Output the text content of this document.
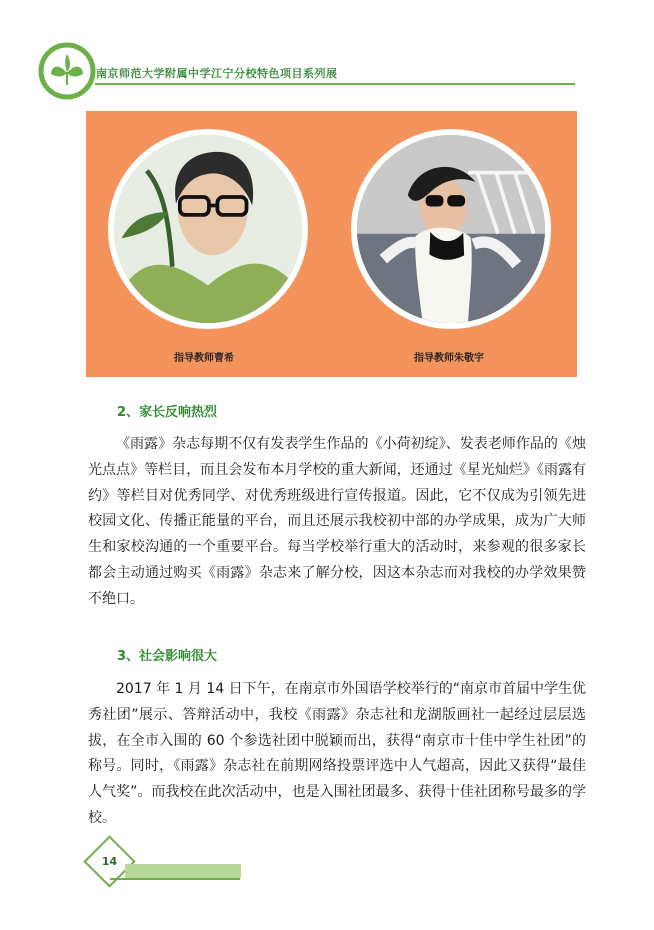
南京师范大学附属中学江宁分校特色项目系列展
指导教师曹希	指导教师朱敬宇
2、家长反响热烈

《雨露》杂志每期不仅有发表学生作品的《小荷初绽》、发表老师作品的《烛光点点》等栏目，而且会发布本月学校的重大新闻，还通过《星光灿烂》《雨露有约》等栏目对优秀同学、对优秀班级进行宣传报道。因此，它不仅成为引领先进校园文化、传播正能量的平台，而且还展示我校初中部的办学成果，成为广大师生和家校沟通的一个重要平台。每当学校举行重大的活动时，来参观的很多家长都会主动通过购买《雨露》杂志来了解分校，因这本杂志而对我校的办学效果赞不绝口。

3、社会影响很大

2017 年 1 月 14 日下午，在南京市外国语学校举行的“南京市首届中学生优秀社团”展示、答辩活动中，我校《雨露》杂志社和龙湖版画社一起经过层层选拔，在全市入围的 60 个参选社团中脱颖而出，获得“南京市十佳中学生社团”的称号。同时，《雨露》杂志社在前期网络投票评选中人气超高，因此又获得“最佳人气奖”。而我校在此次活动中，也是入围社团最多、获得十佳社团称号最多的学校。

14
